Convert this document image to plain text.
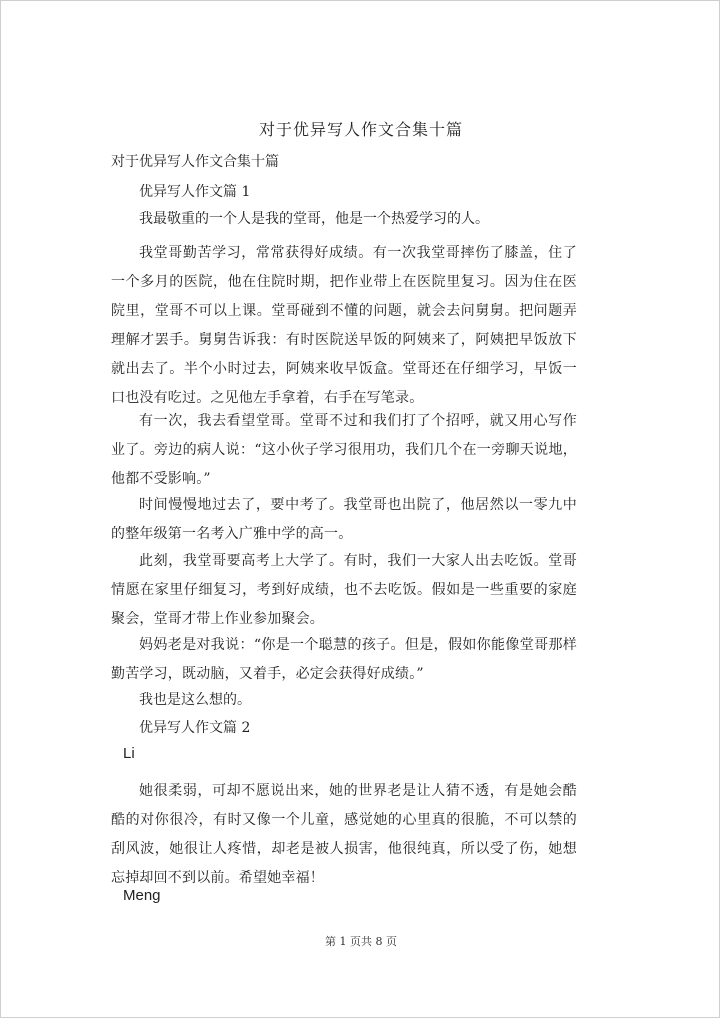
对于优异写人作文合集十篇
对于优异写人作文合集十篇
优异写人作文篇 1
我最敬重的一个人是我的堂哥，他是一个热爱学习的人。
我堂哥勤苦学习，常常获得好成绩。有一次我堂哥摔伤了膝盖，住了一个多月的医院，他在住院时期，把作业带上在医院里复习。因为住在医院里，堂哥不可以上课。堂哥碰到不懂的问题，就会去问舅舅。把问题弄理解才罢手。舅舅告诉我：有时医院送早饭的阿姨来了，阿姨把早饭放下就出去了。半个小时过去，阿姨来收早饭盒。堂哥还在仔细学习，早饭一口也没有吃过。之见他左手拿着，右手在写笔录。
有一次，我去看望堂哥。堂哥不过和我们打了个招呼，就又用心写作业了。旁边的病人说：“这小伙子学习很用功，我们几个在一旁聊天说地，他都不受影响。”
时间慢慢地过去了，要中考了。我堂哥也出院了，他居然以一零九中的整年级第一名考入广雅中学的高一。
此刻，我堂哥要高考上大学了。有时，我们一大家人出去吃饭。堂哥情愿在家里仔细复习，考到好成绩，也不去吃饭。假如是一些重要的家庭聚会，堂哥才带上作业参加聚会。
妈妈老是对我说：“你是一个聪慧的孩子。但是，假如你能像堂哥那样勤苦学习，既动脑，又着手，必定会获得好成绩。”
我也是这么想的。
优异写人作文篇 2
Li
她很柔弱，可却不愿说出来，她的世界老是让人猜不透，有是她会酷酷的对你很冷，有时又像一个儿童，感觉她的心里真的很脆，不可以禁的刮风波，她很让人疼惜，却老是被人损害，他很纯真，所以受了伤，她想忘掉却回不到以前。希望她幸福！
Meng
第 1 页共 8 页
